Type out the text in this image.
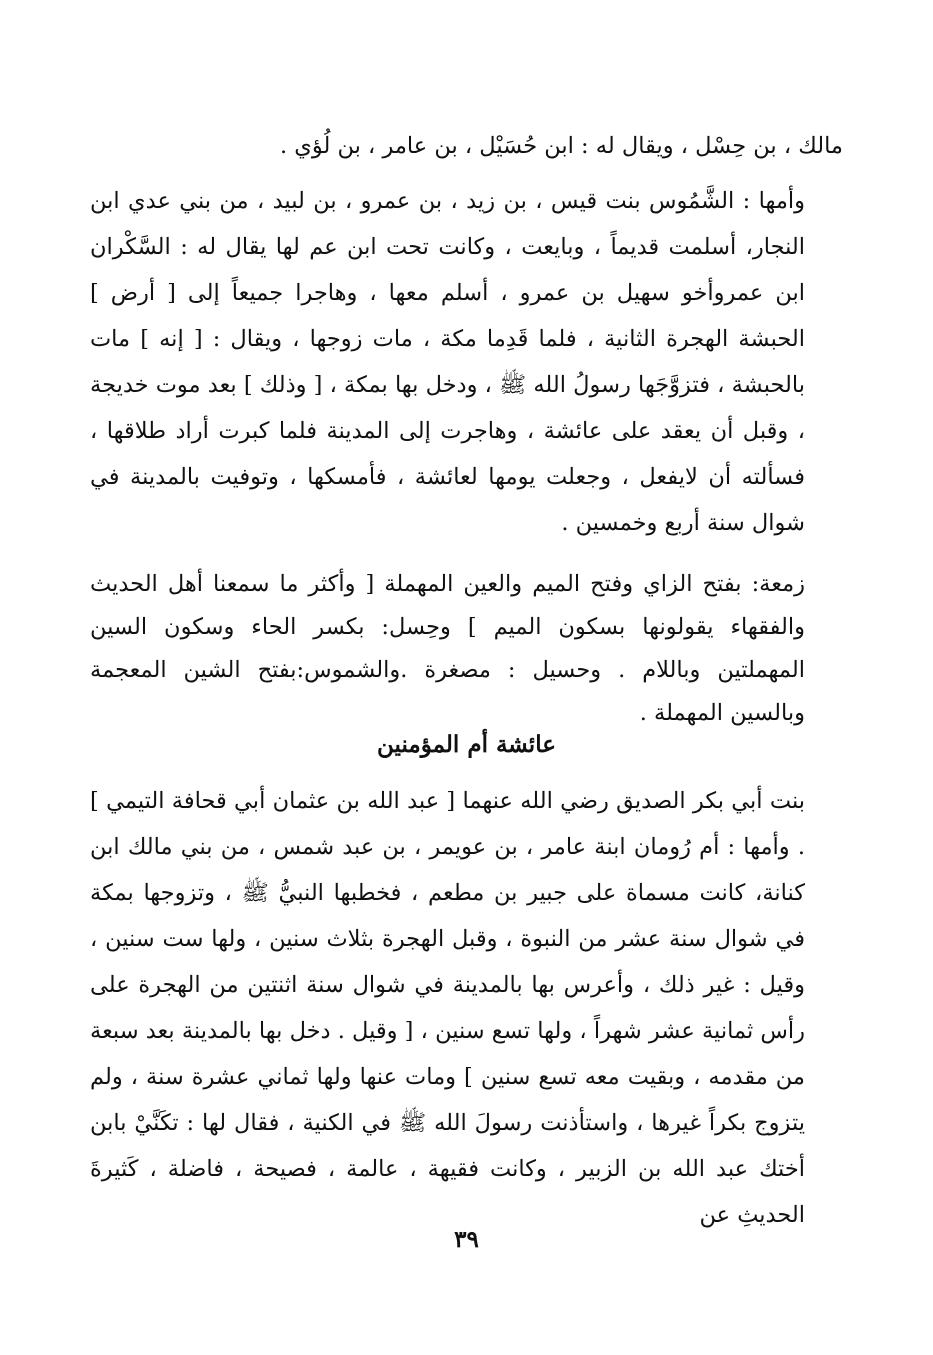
مالك ، بن حِسْل ، ويقال له : ابن حُسَيْل ، بن عامر ، بن لُؤي .

وأمها : الشَّمُوس بنت قيس ، بن زيد ، بن عمرو ، بن لبيد ، من بني عدي ابن النجار، أسلمت قديماً ، وبايعت ، وكانت تحت ابن عم لها يقال له : السَّكْران ابن عمروأخو سهيل بن عمرو ، أسلم معها ، وهاجرا جميعاً إلى [ أرض ] الحبشة الهجرة الثانية ، فلما قَدِما مكة ، مات زوجها ، ويقال : [ إنه ] مات بالحبشة ، فتزوَّجَها رسولُ الله ﷺ ، ودخل بها بمكة ، [ وذلك ] بعد موت خديجة ، وقبل أن يعقد على عائشة ، وهاجرت إلى المدينة فلما كبرت أراد طلاقها ، فسألته أن لايفعل ، وجعلت يومها لعائشة ، فأمسكها ، وتوفيت بالمدينة في شوال سنة أربع وخمسين .

زمعة: بفتح الزاي وفتح الميم والعين المهملة [ وأكثر ما سمعنا أهل الحديث والفقهاء يقولونها بسكون الميم ] وحِسل: بكسر الحاء وسكون السين المهملتين وباللام . وحسيل : مصغرة .والشموس:بفتح الشين المعجمة وبالسين المهملة .

عائشة أم المؤمنين

بنت أبي بكر الصديق رضي الله عنهما [ عبد الله بن عثمان أبي قحافة التيمي ] . وأمها : أم رُومان ابنة عامر ، بن عويمر ، بن عبد شمس ، من بني مالك ابن كنانة، كانت مسماة على جبير بن مطعم ، فخطبها النبيُّ ﷺ ، وتزوجها بمكة في شوال سنة عشر من النبوة ، وقبل الهجرة بثلاث سنين ، ولها ست سنين ، وقيل : غير ذلك ، وأعرس بها بالمدينة في شوال سنة اثنتين من الهجرة على رأس ثمانية عشر شهراً ، ولها تسع سنين ، [ وقيل . دخل بها بالمدينة بعد سبعة من مقدمه ، وبقيت معه تسع سنين ] ومات عنها ولها ثماني عشرة سنة ، ولم يتزوج بكراً غيرها ، واستأذنت رسولَ الله ﷺ في الكنية ، فقال لها : تكَنَّيْ بابن أختك عبد الله بن الزبير ، وكانت فقيهة ، عالمة ، فصيحة ، فاضلة ، كَثيرةَ الحديثِ عن

٣٩
